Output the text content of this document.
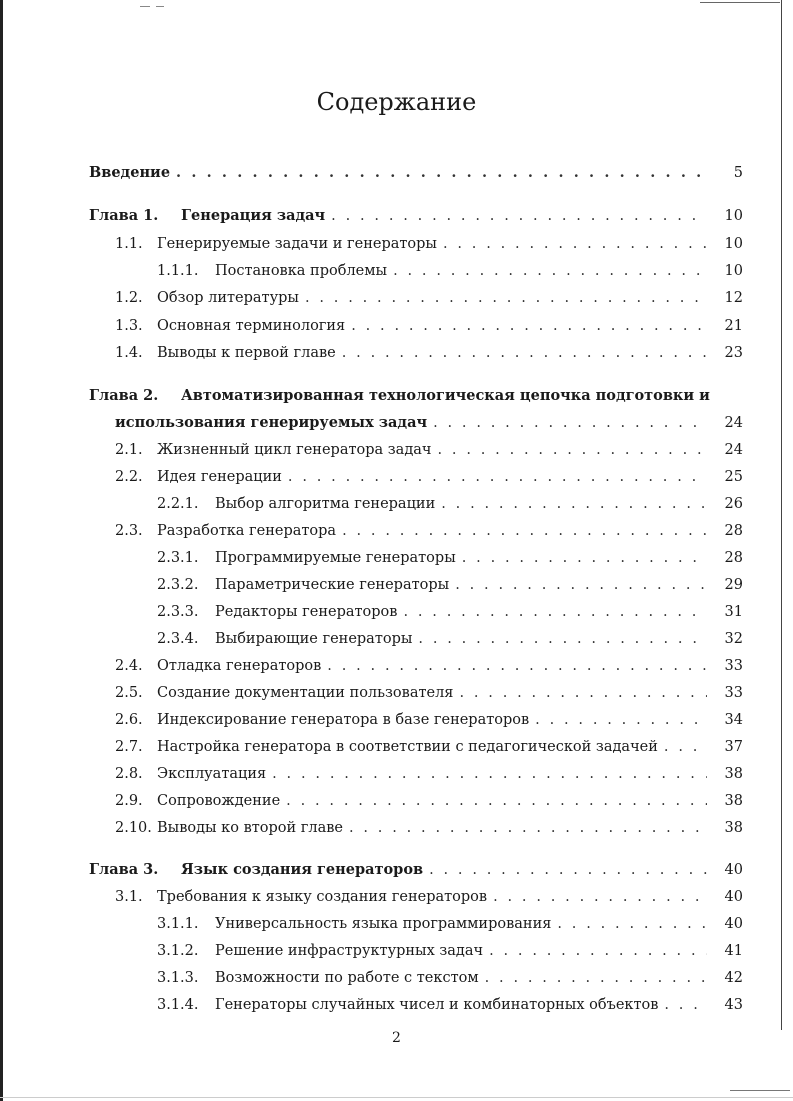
Содержание
Введение . . .	5
Глава 1.	Генерация задач . . .	10
1.1. Генерируемые задачи и генераторы . . .	10
1.1.1.	Постановка проблемы . . .	10
1.2. Обзор литературы . . .	12
1.3. Основная терминология . . .	21
1.4. Выводы к первой главе . . .	23
Глава 2. Автоматизированная технологическая цепочка подготовки и
использования генерируемых задач . . .	24
2.1. Жизненный цикл генератора задач . . .	24
2.2. Идея генерации . . .	25
2.2.1.	Выбор алгоритма генерации . . .	26
2.3. Разработка генератора . . .	28
2.3.1.	Программируемые генераторы . . .	28
2.3.2.	Параметрические генераторы . . .	29
2.3.3.	Редакторы генераторов . . .	31
2.3.4.	Выбирающие генераторы . . .	32
2.4. Отладка генераторов . . .	33
2.5. Создание документации пользователя . . .	33
2.6. Индексирование генератора в базе генераторов . . .	34
2.7. Настройка генератора в соответствии с педагогической задачей . . .	37
2.8. Эксплуатация . . .	38
2.9. Сопровождение . . .	38
2.10. Выводы ко второй главе . . .	38
Глава 3.	Язык создания генераторов . . .	40
3.1. Требования к языку создания генераторов . . .	40
3.1.1.	Универсальность языка программирования . . .	40
3.1.2.	Решение инфраструктурных задач . . .	41
3.1.3.	Возможности по работе с текстом . . .	42
3.1.4.	Генераторы случайных чисел и комбинаторных объектов . . .	43
2
